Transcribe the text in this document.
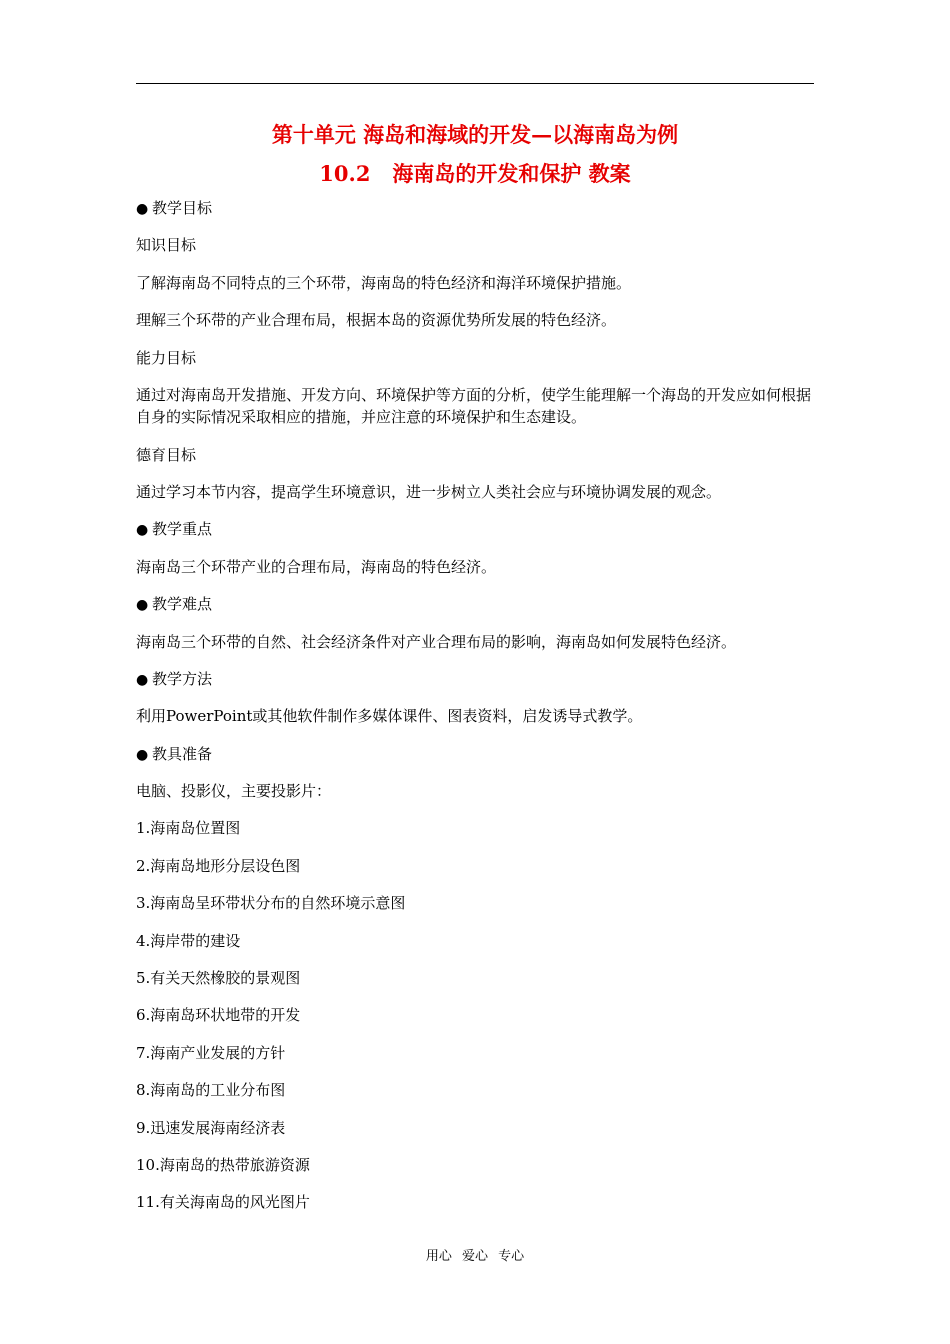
第十单元 海岛和海域的开发—以海南岛为例
10.2   海南岛的开发和保护 教案

● 教学目标

知识目标

了解海南岛不同特点的三个环带，海南岛的特色经济和海洋环境保护措施。

理解三个环带的产业合理布局，根据本岛的资源优势所发展的特色经济。

能力目标

通过对海南岛开发措施、开发方向、环境保护等方面的分析，使学生能理解一个海岛的开发应如何根据自身的实际情况采取相应的措施，并应注意的环境保护和生态建设。

德育目标

通过学习本节内容，提高学生环境意识，进一步树立人类社会应与环境协调发展的观念。

● 教学重点

海南岛三个环带产业的合理布局，海南岛的特色经济。

● 教学难点

海南岛三个环带的自然、社会经济条件对产业合理布局的影响，海南岛如何发展特色经济。

● 教学方法

利用PowerPoint或其他软件制作多媒体课件、图表资料，启发诱导式教学。

● 教具准备

电脑、投影仪，主要投影片：

1.海南岛位置图

2.海南岛地形分层设色图

3.海南岛呈环带状分布的自然环境示意图

4.海岸带的建设

5.有关天然橡胶的景观图

6.海南岛环状地带的开发

7.海南产业发展的方针

8.海南岛的工业分布图

9.迅速发展海南经济表

10.海南岛的热带旅游资源

11.有关海南岛的风光图片

用心 爱心 专心
